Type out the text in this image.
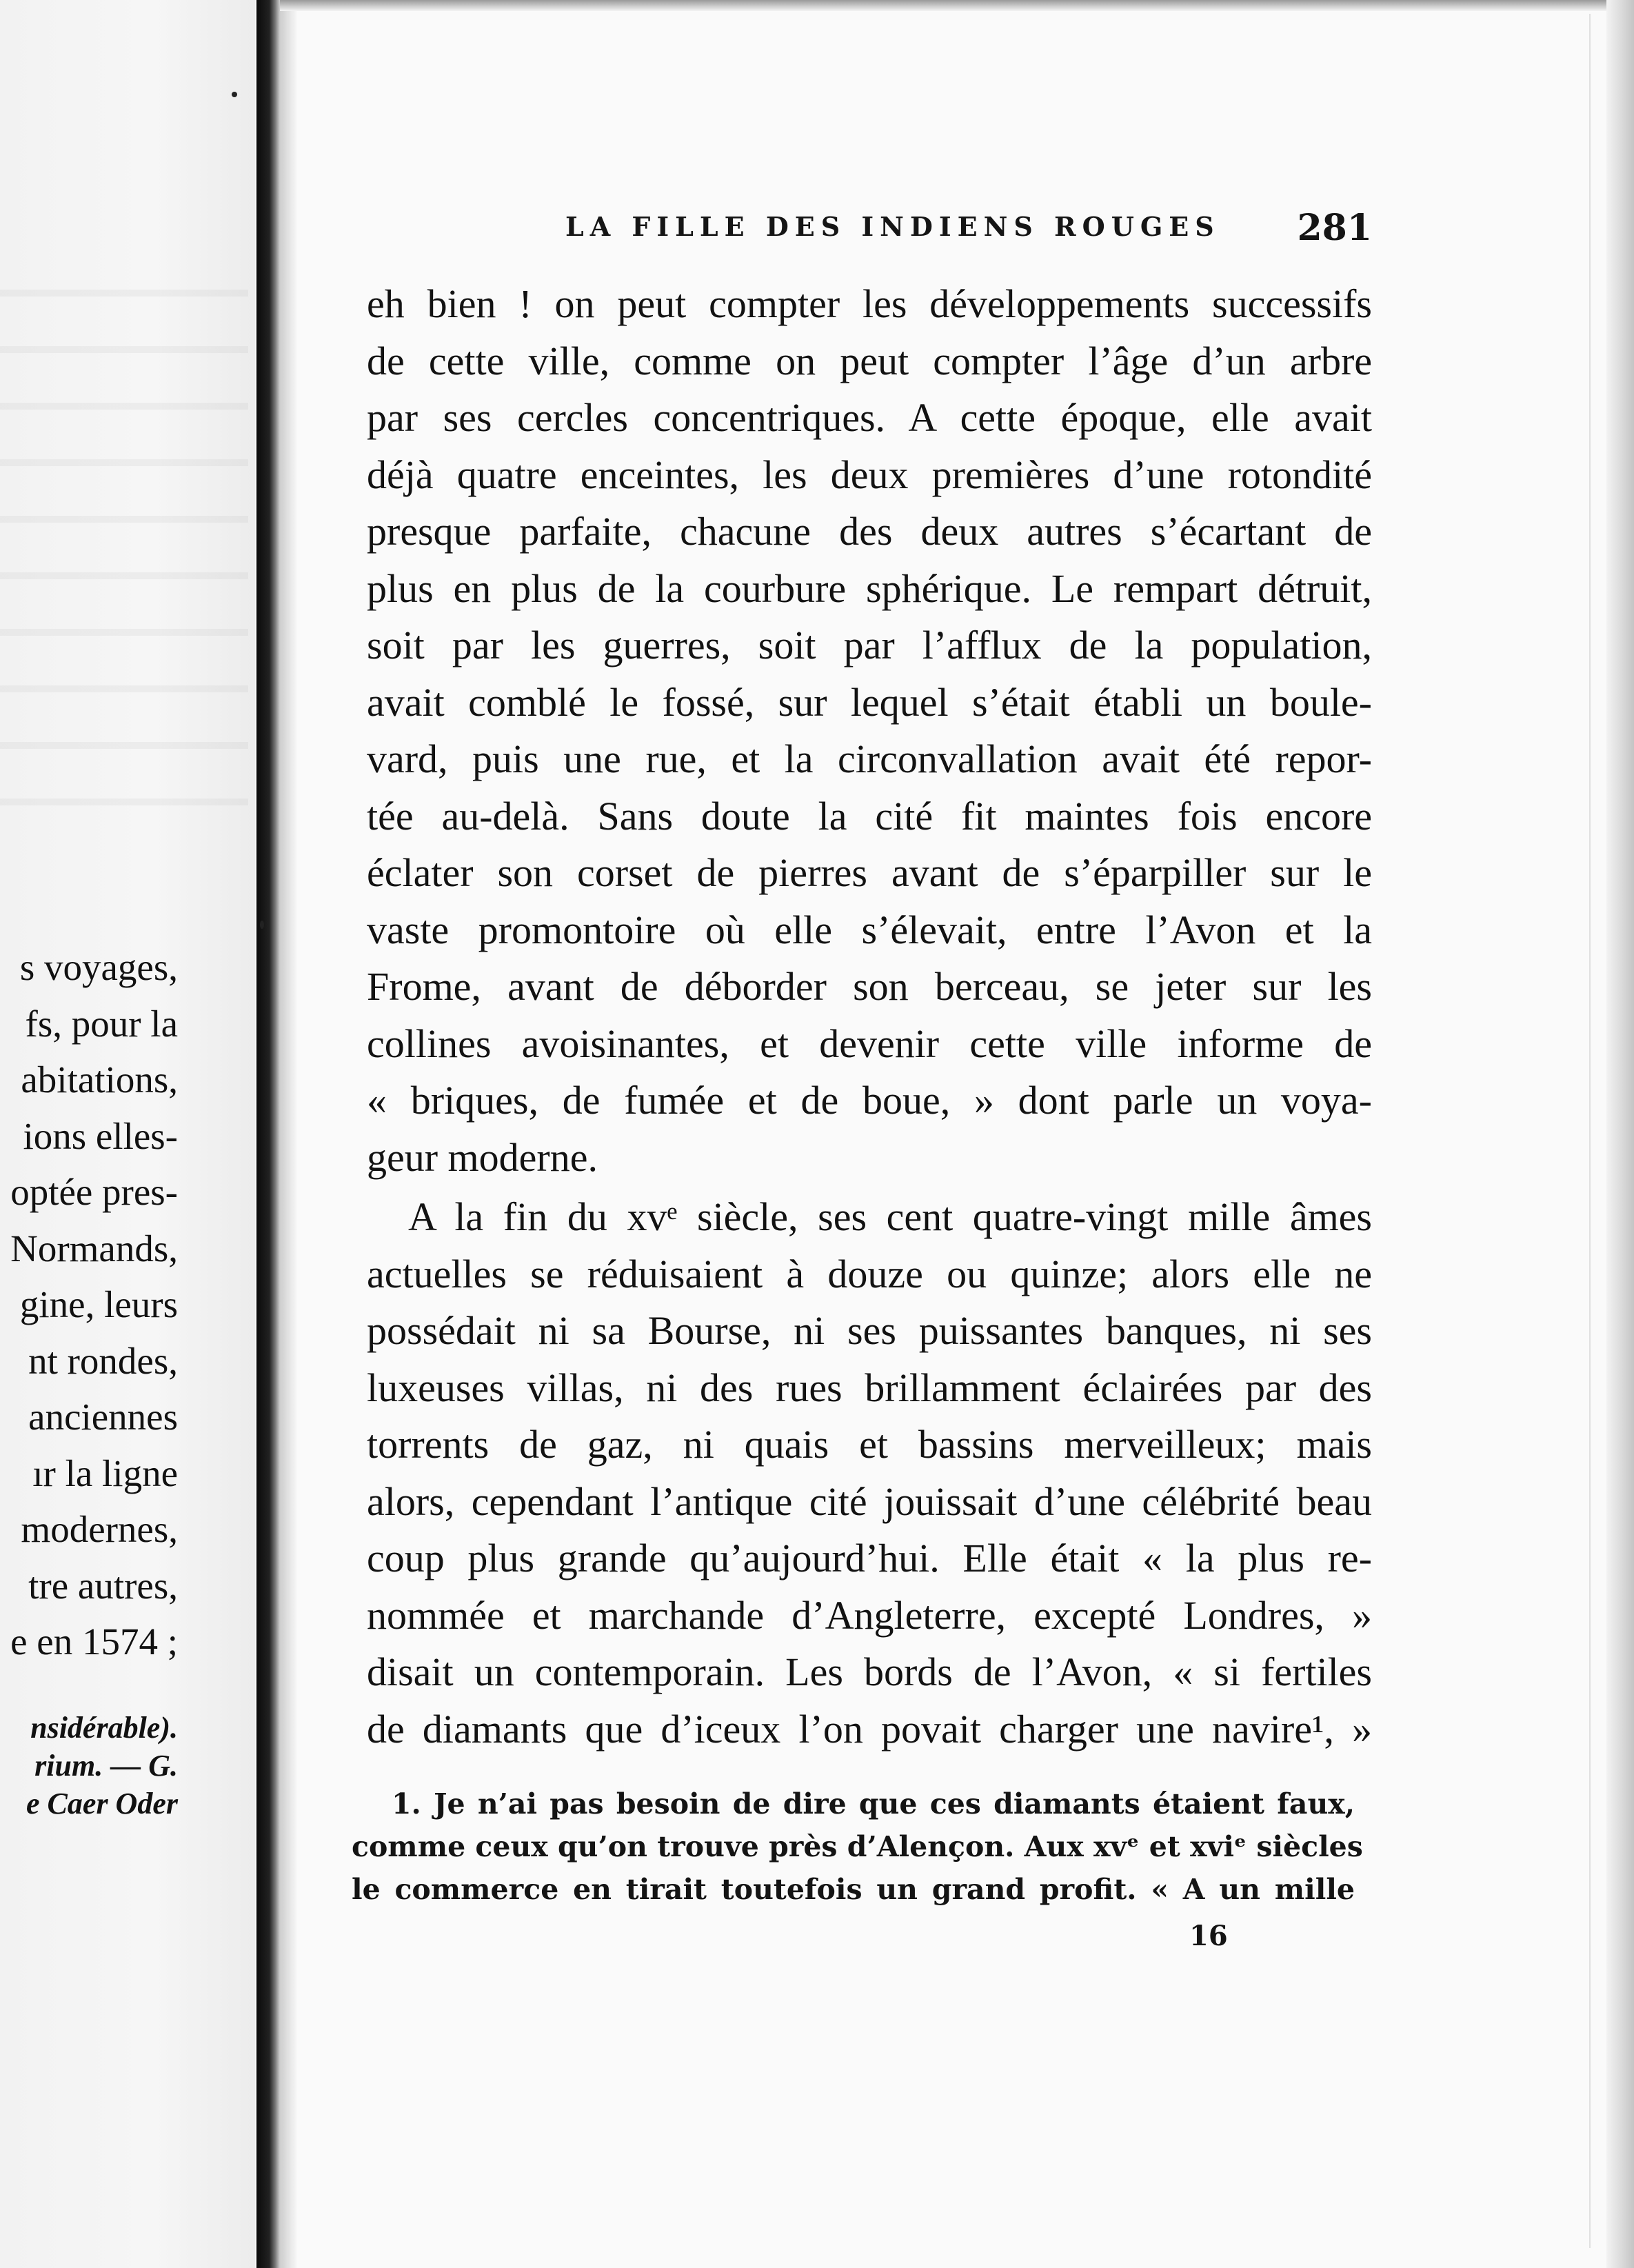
s voyages,
fs, pour la
abitations,
ions elles-
optée pres-
Normands,
gine, leurs
nt rondes,
anciennes
ır la ligne
modernes,
tre autres,
e en 1574 ;
nsidérable).
rium. — G.
e Caer Oder
LA FILLE DES INDIENS ROUGES 281
eh bien ! on peut compter les développements successifs
de cette ville, comme on peut compter l’âge d’un arbre
par ses cercles concentriques. A cette époque, elle avait
déjà quatre enceintes, les deux premières d’une rotondité
presque parfaite, chacune des deux autres s’écartant de
plus en plus de la courbure sphérique. Le rempart détruit,
soit par les guerres, soit par l’afflux de la population,
avait comblé le fossé, sur lequel s’était établi un boule-
vard, puis une rue, et la circonvallation avait été repor-
tée au-delà. Sans doute la cité fit maintes fois encore
éclater son corset de pierres avant de s’éparpiller sur le
vaste promontoire où elle s’élevait, entre l’Avon et la
Frome, avant de déborder son berceau, se jeter sur les
collines avoisinantes, et devenir cette ville informe de
« briques, de fumée et de boue, » dont parle un voya-
geur moderne.
A la fin du xvᵉ siècle, ses cent quatre-vingt mille âmes
actuelles se réduisaient à douze ou quinze; alors elle ne
possédait ni sa Bourse, ni ses puissantes banques, ni ses
luxeuses villas, ni des rues brillamment éclairées par des
torrents de gaz, ni quais et bassins merveilleux; mais
alors, cependant l’antique cité jouissait d’une célébrité beau
coup plus grande qu’aujourd’hui. Elle était « la plus re-
nommée et marchande d’Angleterre, excepté Londres, »
disait un contemporain. Les bords de l’Avon, « si fertiles
de diamants que d’iceux l’on povait charger une navire¹, »
1. Je n’ai pas besoin de dire que ces diamants étaient faux,
comme ceux qu’on trouve près d’Alençon. Aux xvᵉ et xviᵉ siècles
le commerce en tirait toutefois un grand profit. « A un mille
16
